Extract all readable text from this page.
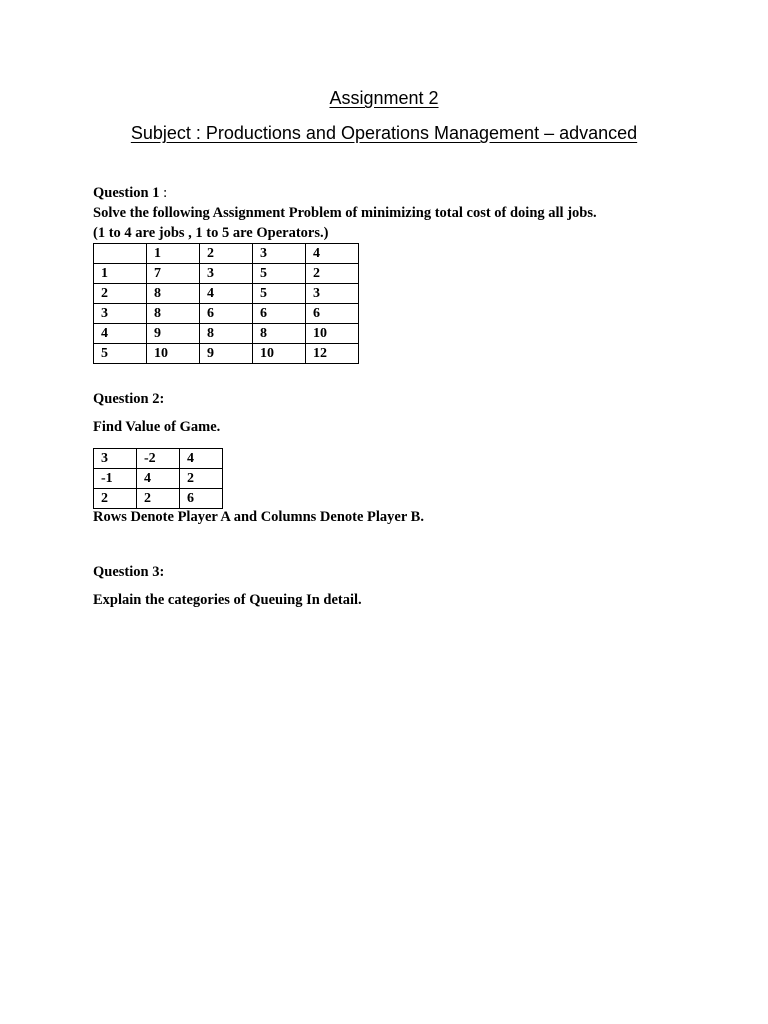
Assignment 2
Subject : Productions and Operations Management – advanced
Question 1 :
Solve the following Assignment Problem of minimizing total cost of doing all jobs.
(1 to 4 are jobs , 1 to 5 are Operators.)
	1	2	3	4
1	7	3	5	2
2	8	4	5	3
3	8	6	6	6
4	9	8	8	10
5	10	9	10	12
Question 2:
Find Value of Game.
3	-2	4
-1	4	2
2	2	6
Rows Denote Player A and Columns Denote Player B.
Question 3:
Explain the categories of Queuing In detail.
